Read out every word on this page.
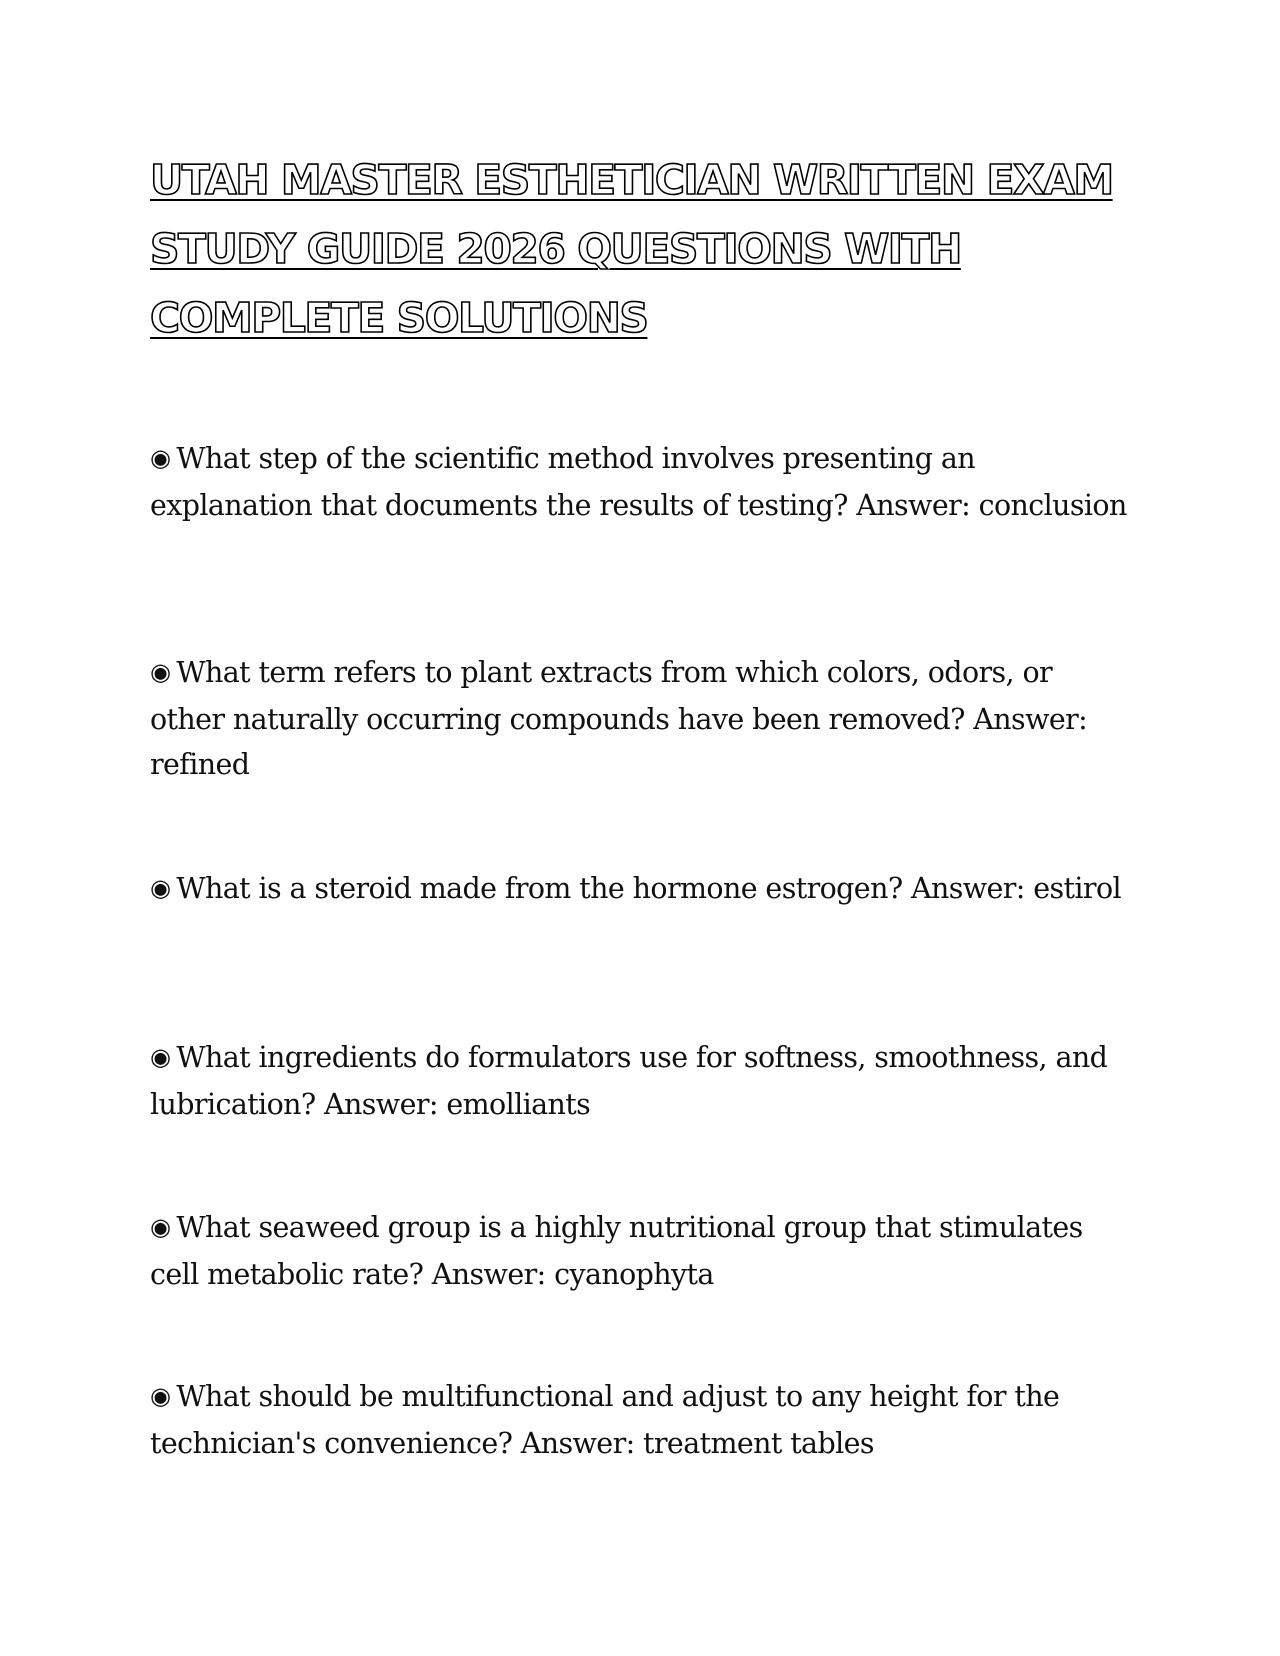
UTAH MASTER ESTHETICIAN WRITTEN EXAM STUDY GUIDE 2026 QUESTIONS WITH COMPLETE SOLUTIONS

◉ What step of the scientific method involves presenting an explanation that documents the results of testing? Answer: conclusion

◉ What term refers to plant extracts from which colors, odors, or other naturally occurring compounds have been removed? Answer: refined

◉ What is a steroid made from the hormone estrogen? Answer: estirol

◉ What ingredients do formulators use for softness, smoothness, and lubrication? Answer: emolliants

◉ What seaweed group is a highly nutritional group that stimulates cell metabolic rate? Answer: cyanophyta

◉ What should be multifunctional and adjust to any height for the technician's convenience? Answer: treatment tables
